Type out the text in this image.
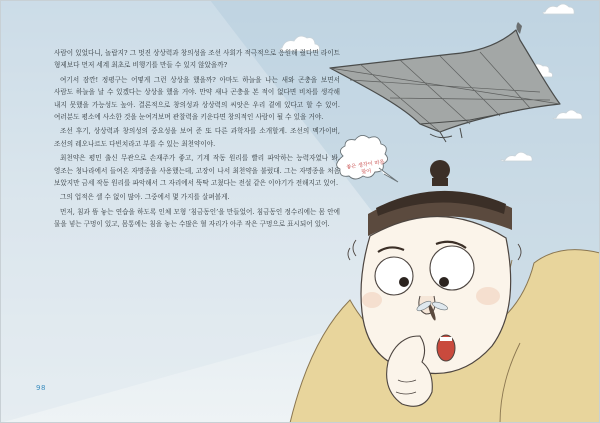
좋은 생각이 떠올랐어

사람이 있었다니, 놀랍지? 그 멋진 상상력과 창의성을 조선 사회가 적극적으로 응원해 줬다면 라이트 형제보다 먼저 세계 최초로 비행기를 만들 수 있지 않았을까?

여기서 잠깐! 정평구는 어떻게 그런 상상을 했을까? 아마도 하늘을 나는 새와 곤충을 보면서 사람도 하늘을 날 수 있겠다는 상상을 했을 거야. 만약 새나 곤충을 본 적이 없다면 비차를 생각해 내지 못했을 가능성도 높아. 결론적으로 창의성과 상상력의 씨앗은 우리 곁에 있다고 할 수 있어. 여러분도 평소에 사소한 것을 눈여겨보며 관찰력을 키운다면 창의적인 사람이 될 수 있을 거야.

조선 후기, 상상력과 창의성의 중요성을 보여 준 또 다른 과학자를 소개할게. 조선의 멕가이버, 조선의 레오나르도 다빈치라고 부를 수 있는 최천약이야.

최천약은 평민 출신 무관으로 손재주가 좋고, 기계 작동 원리를 빨리 파악하는 능력자였나 봐. 영조는 청나라에서 들여온 자명종을 사용했는데, 고장이 나서 최천약을 불렀대. 그는 자명종을 처음 보았지만 금세 작동 원리를 파악해서 그 자리에서 뚝딱 고쳤다는 전설 같은 이야기가 전해지고 있어.

그의 업적은 셀 수 없이 많아. 그중에서 몇 가지를 살펴볼게.

먼저, 침과 뜸 놓는 연습을 하도록 인체 모형 ‘침금동인’을 만들었어. 침금동인 정수리에는 몸 안에 물을 넣는 구멍이 있고, 몸통에는 침을 놓는 수많은 혈 자리가 아주 작은 구멍으로 표시되어 있어.

98
